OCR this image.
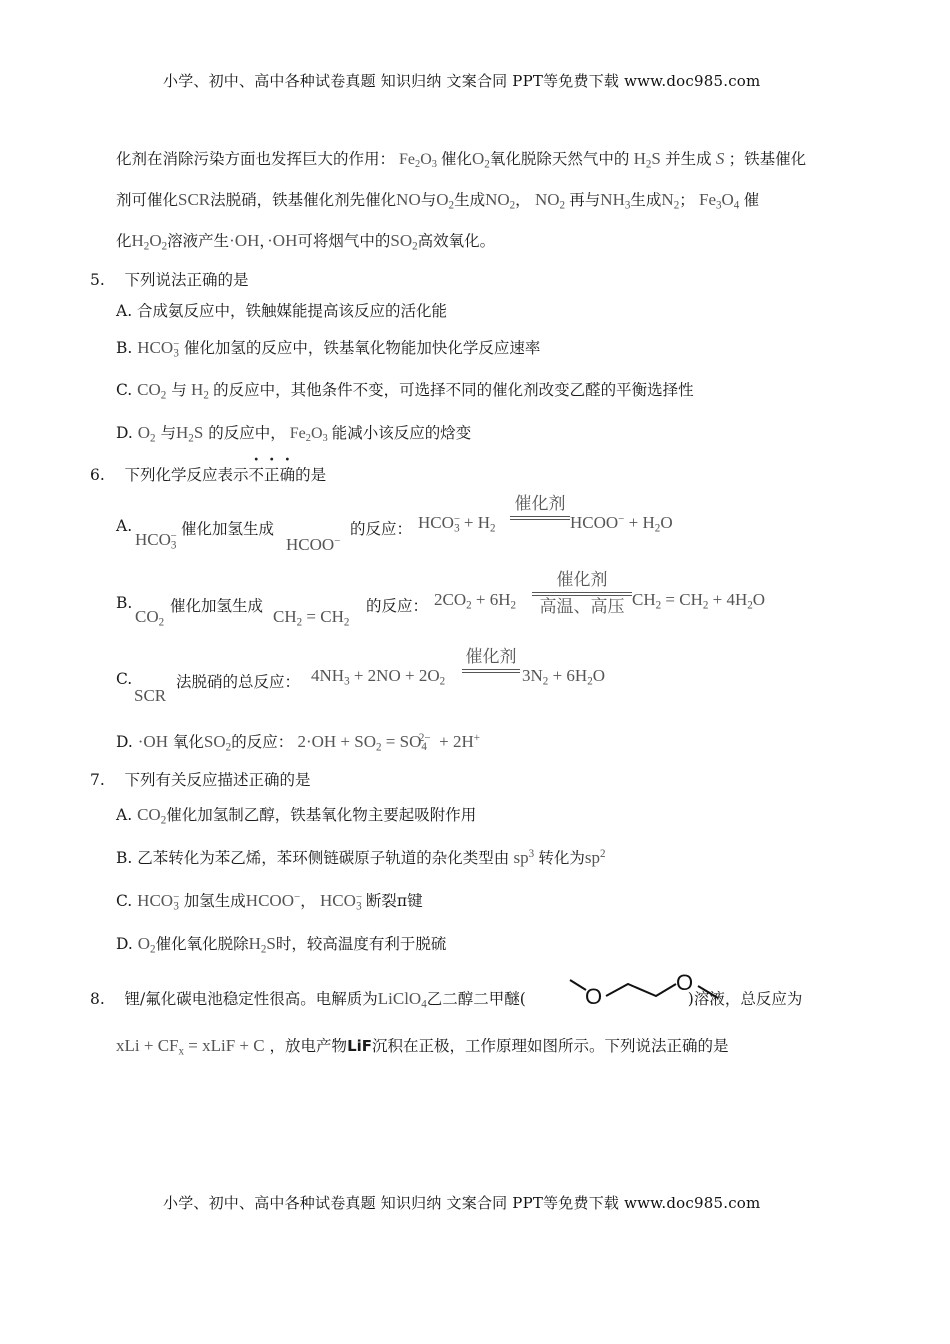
小学、初中、高中各种试卷真题 知识归纳 文案合同 PPT等免费下载 www.doc985.com
化剂在消除污染方面也发挥巨大的作用： $Fe_2O_3$ 催化$O_2$氧化脱除天然气中的 $H_2S$ 并生成 S ；铁基催化
剂可催化SCR法脱硝，铁基催化剂先催化NO与$O_2$生成$NO_2$， $NO_2$ 再与$NH_3$生成$N_2$； $Fe_3O_4$ 催
化$H_2O_2$溶液产生·OH，·OH可将烟气中的$SO_2$高效氧化。
5. 下列说法正确的是
A. 合成氨反应中，铁触媒能提高该反应的活化能
B. $HCO^-_3$ 催化加氢的反应中，铁基氧化物能加快化学反应速率
C. $CO_2$ 与 $H_2$ 的反应中，其他条件不变，可选择不同的催化剂改变乙醛的平衡选择性
D. $O_2$ 与$H_2S$ 的反应中， $Fe_2O_3$ 能减小该反应的焓变
6. 下列化学反应表示不正确的是
A.
$HCO_3^-$ 催化加氢生成
HCOO−
的反应： $HCO^-_3 + H_2$
催化剂
HCOO− + $H_2O$
B.
$CO_2$
催化加氢生成
$CH_2 = CH_2$
的反应： $2CO_2 + 6H_2$
催化剂
高温、高压 $CH_2 = CH_2 + 4H_2O$
C.
SCR
法脱硝的总反应： $4NH_3 + 2NO + 2O_2$
催化剂
$3N_2 + 6H_2O$
D. ·OH 氧化$SO_2$的反应： $2\cdot OH + SO_2 = SO_4^{2-} + 2H^+$
7. 下列有关反应描述正确的是
A. $CO_2$催化加氢制乙醇，铁基氧化物主要起吸附作用
B. 乙苯转化为苯乙烯，苯环侧链碳原子轨道的杂化类型由 $sp^3$ 转化为$sp^2$
C. $HCO^-_3$ 加氢生成HCOO−， $HCO^-_3$ 断裂π键
D. $O_2$催化氧化脱除$H_2S$时，较高温度有利于脱硫
8. 锂/氟化碳电池稳定性很高。电解质为LiClO$_4$乙二醇二甲醚(	)溶液，总反应为
O
O
xLi + $CF_x$ = xLiF + C ，放电产物LiF沉积在正极，工作原理如图所示。下列说法正确的是
小学、初中、高中各种试卷真题 知识归纳 文案合同 PPT等免费下载 www.doc985.com
